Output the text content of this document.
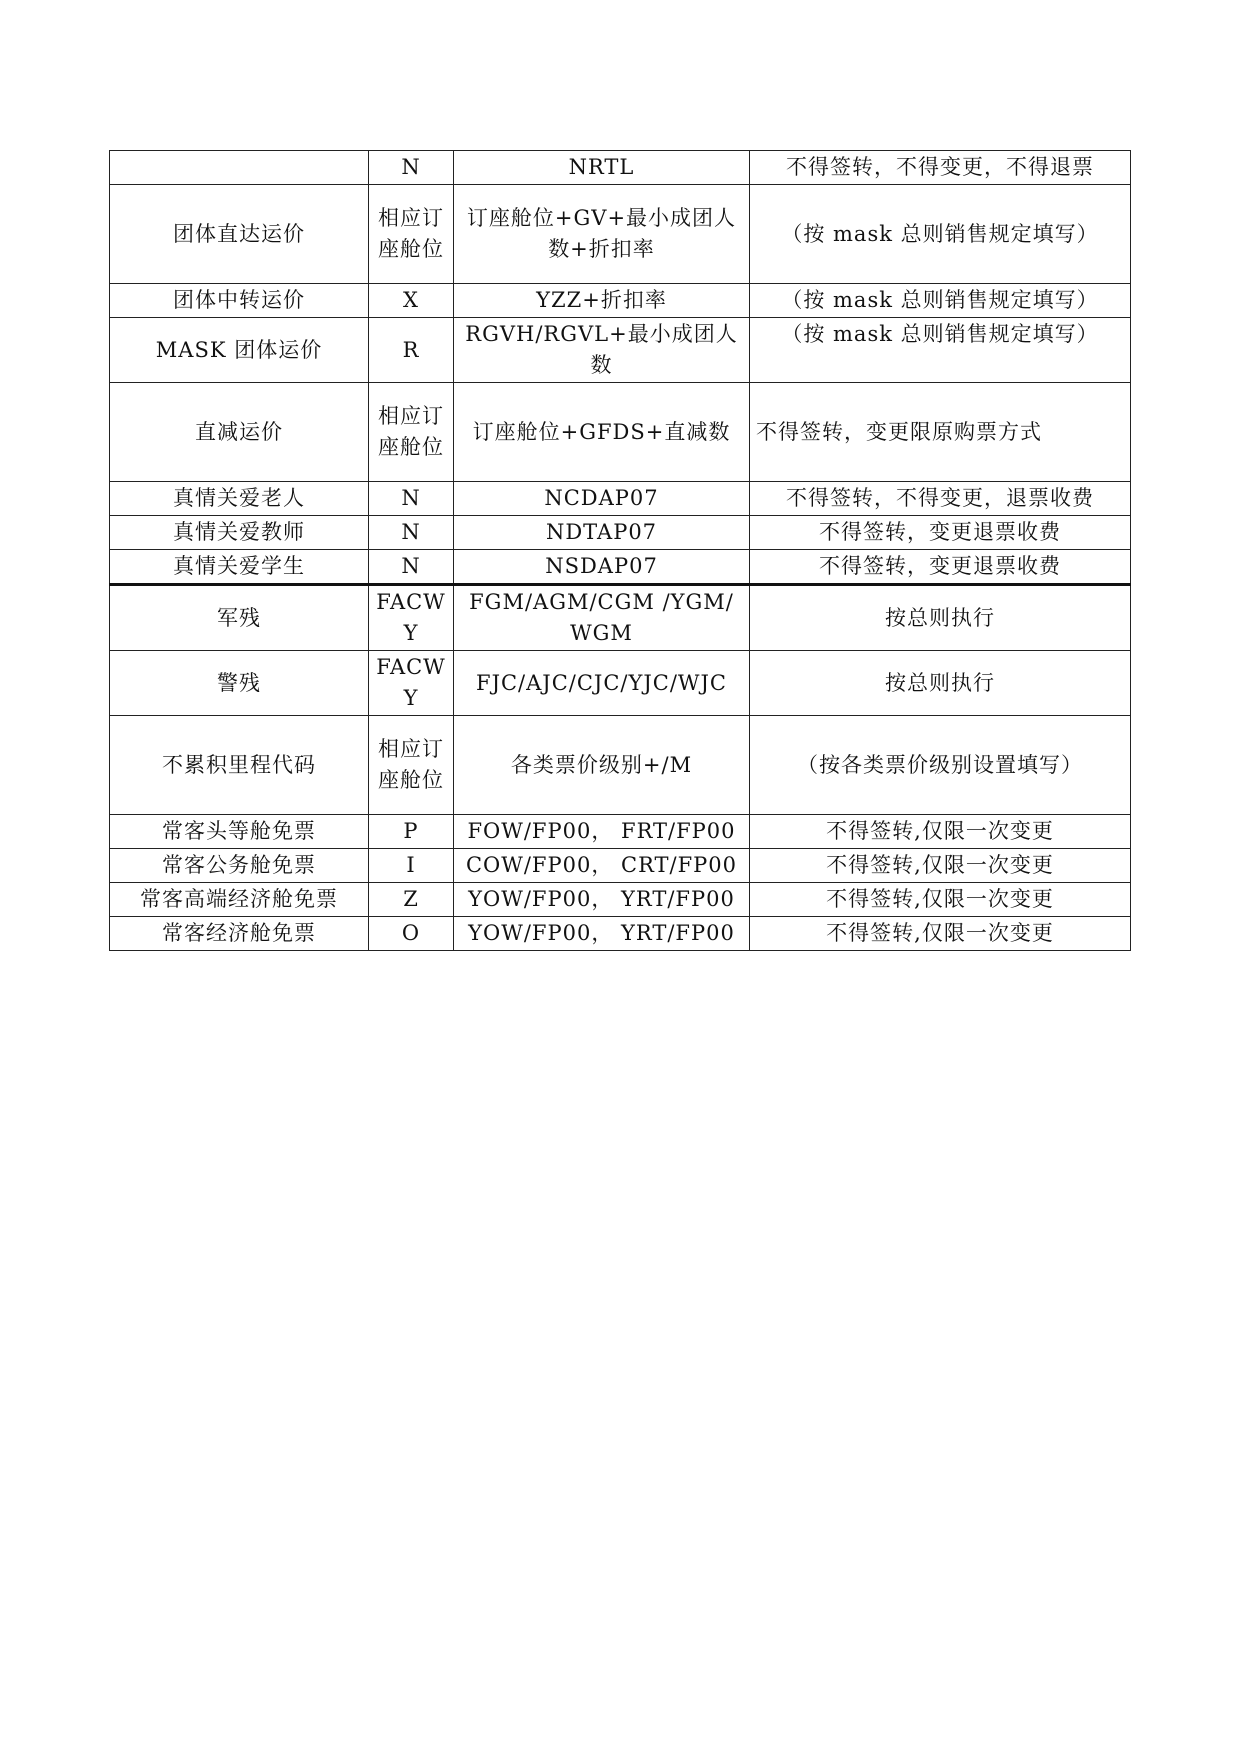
	N	NRTL	不得签转，不得变更，不得退票
团体直达运价	相应订座舱位	订座舱位+GV+最小成团人数+折扣率	（按 mask 总则销售规定填写）
团体中转运价	X	YZZ+折扣率	（按 mask 总则销售规定填写）
MASK 团体运价	R	RGVH/RGVL+最小成团人数	（按 mask 总则销售规定填写）
直减运价	相应订座舱位	订座舱位+GFDS+直减数	不得签转，变更限原购票方式
真情关爱老人	N	NCDAP07	不得签转，不得变更，退票收费
真情关爱教师	N	NDTAP07	不得签转，变更退票收费
真情关爱学生	N	NSDAP07	不得签转，变更退票收费
军残	FACWY	FGM/AGM/CGM /YGM/WGM	按总则执行
警残	FACWY	FJC/AJC/CJC/YJC/WJC	按总则执行
不累积里程代码	相应订座舱位	各类票价级别+/M	（按各类票价级别设置填写）
常客头等舱免票	P	FOW/FP00， FRT/FP00	不得签转,仅限一次变更
常客公务舱免票	I	COW/FP00， CRT/FP00	不得签转,仅限一次变更
常客高端经济舱免票	Z	YOW/FP00， YRT/FP00	不得签转,仅限一次变更
常客经济舱免票	O	YOW/FP00， YRT/FP00	不得签转,仅限一次变更
